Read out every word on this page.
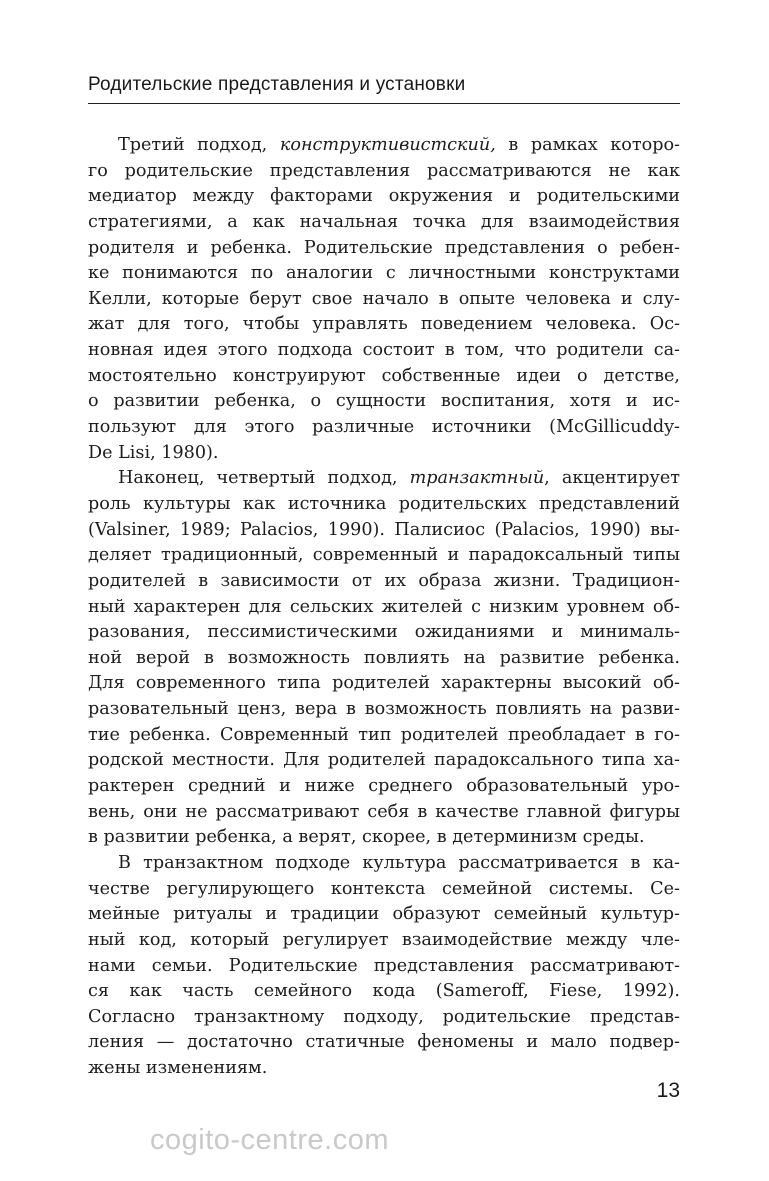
Родительские представления и установки
Третий подход, конструктивистский, в рамках которо-
го родительские представления рассматриваются не как
медиатор между факторами окружения и родительскими
стратегиями, а как начальная точка для взаимодействия
родителя и ребенка. Родительские представления о ребен-
ке понимаются по аналогии с личностными конструктами
Келли, которые берут свое начало в опыте человека и слу-
жат для того, чтобы управлять поведением человека. Ос-
новная идея этого подхода состоит в том, что родители са-
мостоятельно конструируют собственные идеи о детстве,
о развитии ребенка, о сущности воспитания, хотя и ис-
пользуют для этого различные источники (McGillicuddy-
De Lisi, 1980).
Наконец, четвертый подход, транзактный, акцентирует
роль культуры как источника родительских представлений
(Valsiner, 1989; Palacios, 1990). Палисиос (Palacios, 1990) вы-
деляет традиционный, современный и парадоксальный типы
родителей в зависимости от их образа жизни. Традицион-
ный характерен для сельских жителей с низким уровнем об-
разования, пессимистическими ожиданиями и минималь-
ной верой в возможность повлиять на развитие ребенка.
Для современного типа родителей характерны высокий об-
разовательный ценз, вера в возможность повлиять на разви-
тие ребенка. Современный тип родителей преобладает в го-
родской местности. Для родителей парадоксального типа ха-
рактерен средний и ниже среднего образовательный уро-
вень, они не рассматривают себя в качестве главной фигуры
в развитии ребенка, а верят, скорее, в детерминизм среды.
В транзактном подходе культура рассматривается в ка-
честве регулирующего контекста семейной системы. Се-
мейные ритуалы и традиции образуют семейный культур-
ный код, который регулирует взаимодействие между чле-
нами семьи. Родительские представления рассматривают-
ся как часть семейного кода (Sameroff, Fiese, 1992).
Согласно транзактному подходу, родительские представ-
ления — достаточно статичные феномены и мало подвер-
жены изменениям.
13
cogito-centre.com
